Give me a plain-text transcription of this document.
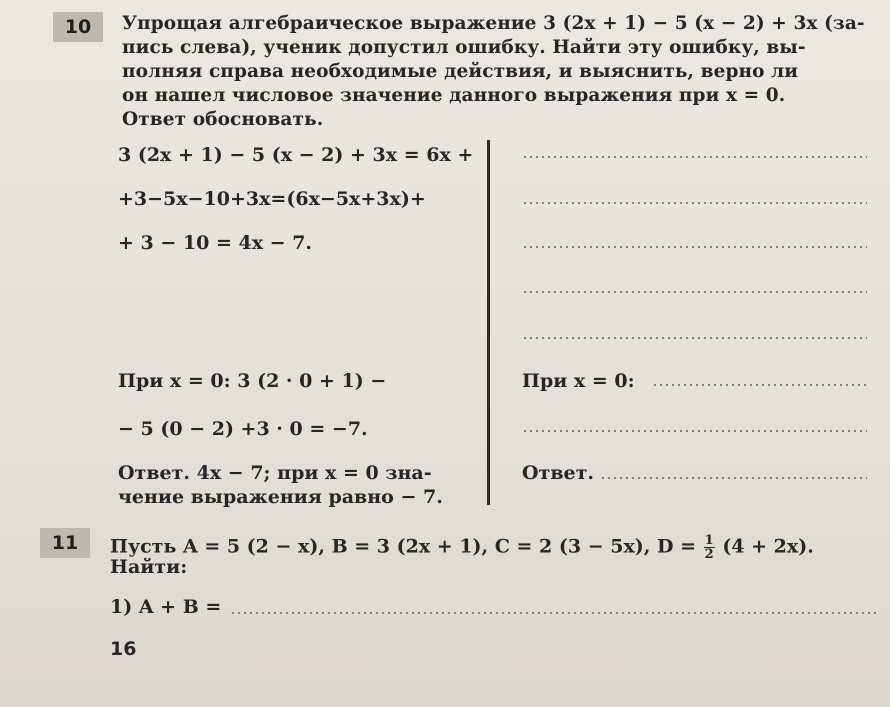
10	Упрощая алгебраическое выражение 3 (2x + 1) − 5 (x − 2) + 3x (за-

пись слева), ученик допустил ошибку. Найти эту ошибку, вы-

полняя справа необходимые действия, и выяснить, верно ли

он нашел числовое значение данного выражения при x = 0.

Ответ обосновать.

3 (2x + 1) − 5 (x − 2) + 3x = 6x +
+3−5x−10+3x=(6x−5x+3x)+
+ 3 − 10 = 4x − 7.
При x = 0: 3 (2 · 0 + 1) −
− 5 (0 − 2) +3 · 0 = −7.
Ответ. 4x − 7; при x = 0 зна-
чение выражения равно − 7.
При x = 0:
Ответ.
11	Пусть A = 5 (2 − x), B = 3 (2x + 1), C = 2 (3 − 5x), $D = \frac{1}{2} (4 + 2x)$.
Найти:
1) A + B =
16
